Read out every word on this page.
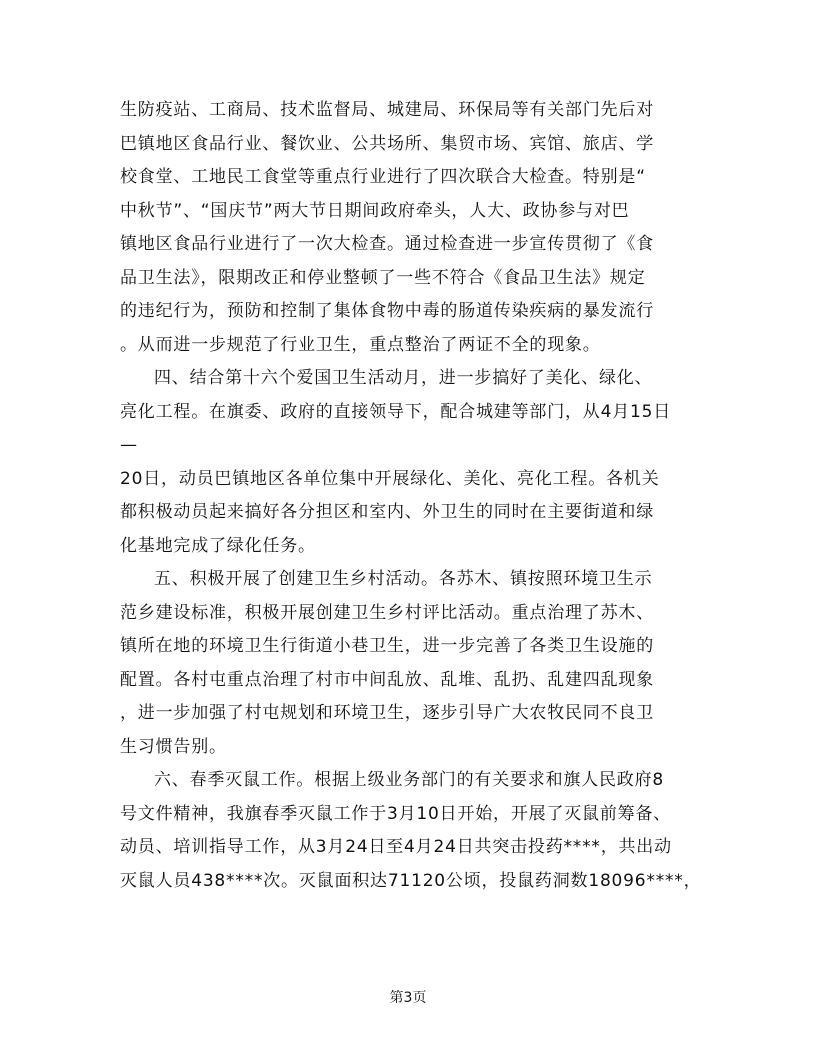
生防疫站、工商局、技术监督局、城建局、环保局等有关部门先后对
巴镇地区食品行业、餐饮业、公共场所、集贸市场、宾馆、旅店、学
校食堂、工地民工食堂等重点行业进行了四次联合大检查。特别是“
中秋节”、“国庆节”两大节日期间政府牵头，人大、政协参与对巴
镇地区食品行业进行了一次大检查。通过检查进一步宣传贯彻了《食
品卫生法》，限期改正和停业整顿了一些不符合《食品卫生法》规定
的违纪行为，预防和控制了集体食物中毒的肠道传染疾病的暴发流行
。从而进一步规范了行业卫生，重点整治了两证不全的现象。
四、结合第十六个爱国卫生活动月，进一步搞好了美化、绿化、
亮化工程。在旗委、政府的直接领导下，配合城建等部门，从4月15日
—
20日，动员巴镇地区各单位集中开展绿化、美化、亮化工程。各机关
都积极动员起来搞好各分担区和室内、外卫生的同时在主要街道和绿
化基地完成了绿化任务。
五、积极开展了创建卫生乡村活动。各苏木、镇按照环境卫生示
范乡建设标准，积极开展创建卫生乡村评比活动。重点治理了苏木、
镇所在地的环境卫生行街道小巷卫生，进一步完善了各类卫生设施的
配置。各村屯重点治理了村市中间乱放、乱堆、乱扔、乱建四乱现象
，进一步加强了村屯规划和环境卫生，逐步引导广大农牧民同不良卫
生习惯告别。
六、春季灭鼠工作。根据上级业务部门的有关要求和旗人民政府8
号文件精神，我旗春季灭鼠工作于3月10日开始，开展了灭鼠前筹备、
动员、培训指导工作，从3月24日至4月24日共突击投药****，共出动
灭鼠人员438****次。灭鼠面积达71120公顷，投鼠药洞数18096****，
第3页
